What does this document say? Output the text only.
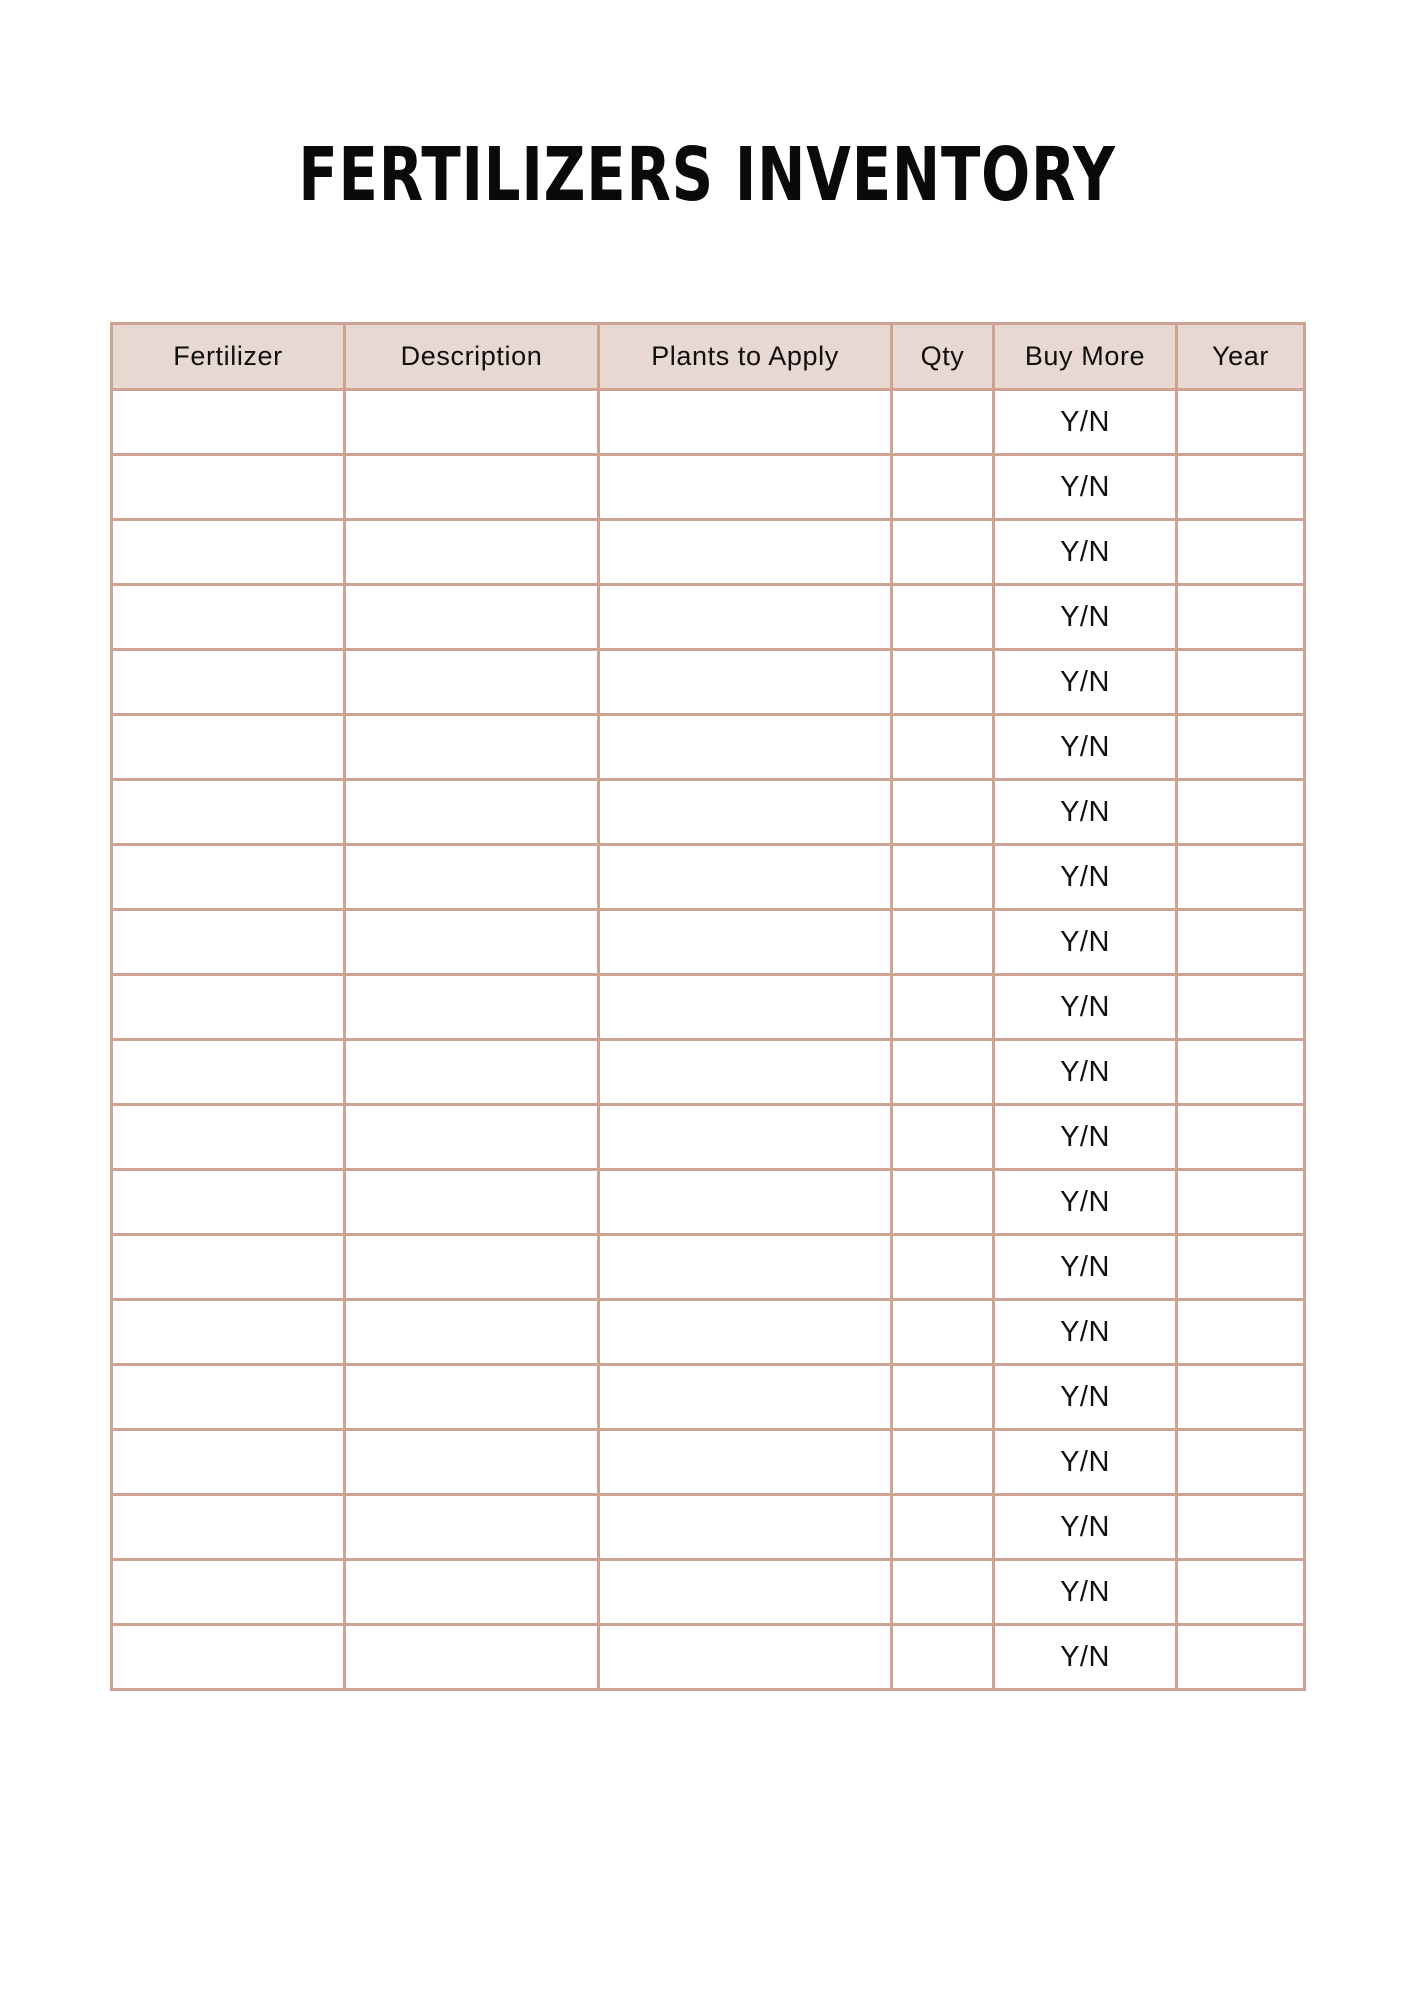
FERTILIZERS INVENTORY
Fertilizer	Description	Plants to Apply	Qty	Buy More	Year
				Y/N	
				Y/N	
				Y/N	
				Y/N	
				Y/N	
				Y/N	
				Y/N	
				Y/N	
				Y/N	
				Y/N	
				Y/N	
				Y/N	
				Y/N	
				Y/N	
				Y/N	
				Y/N	
				Y/N	
				Y/N	
				Y/N	
				Y/N	
